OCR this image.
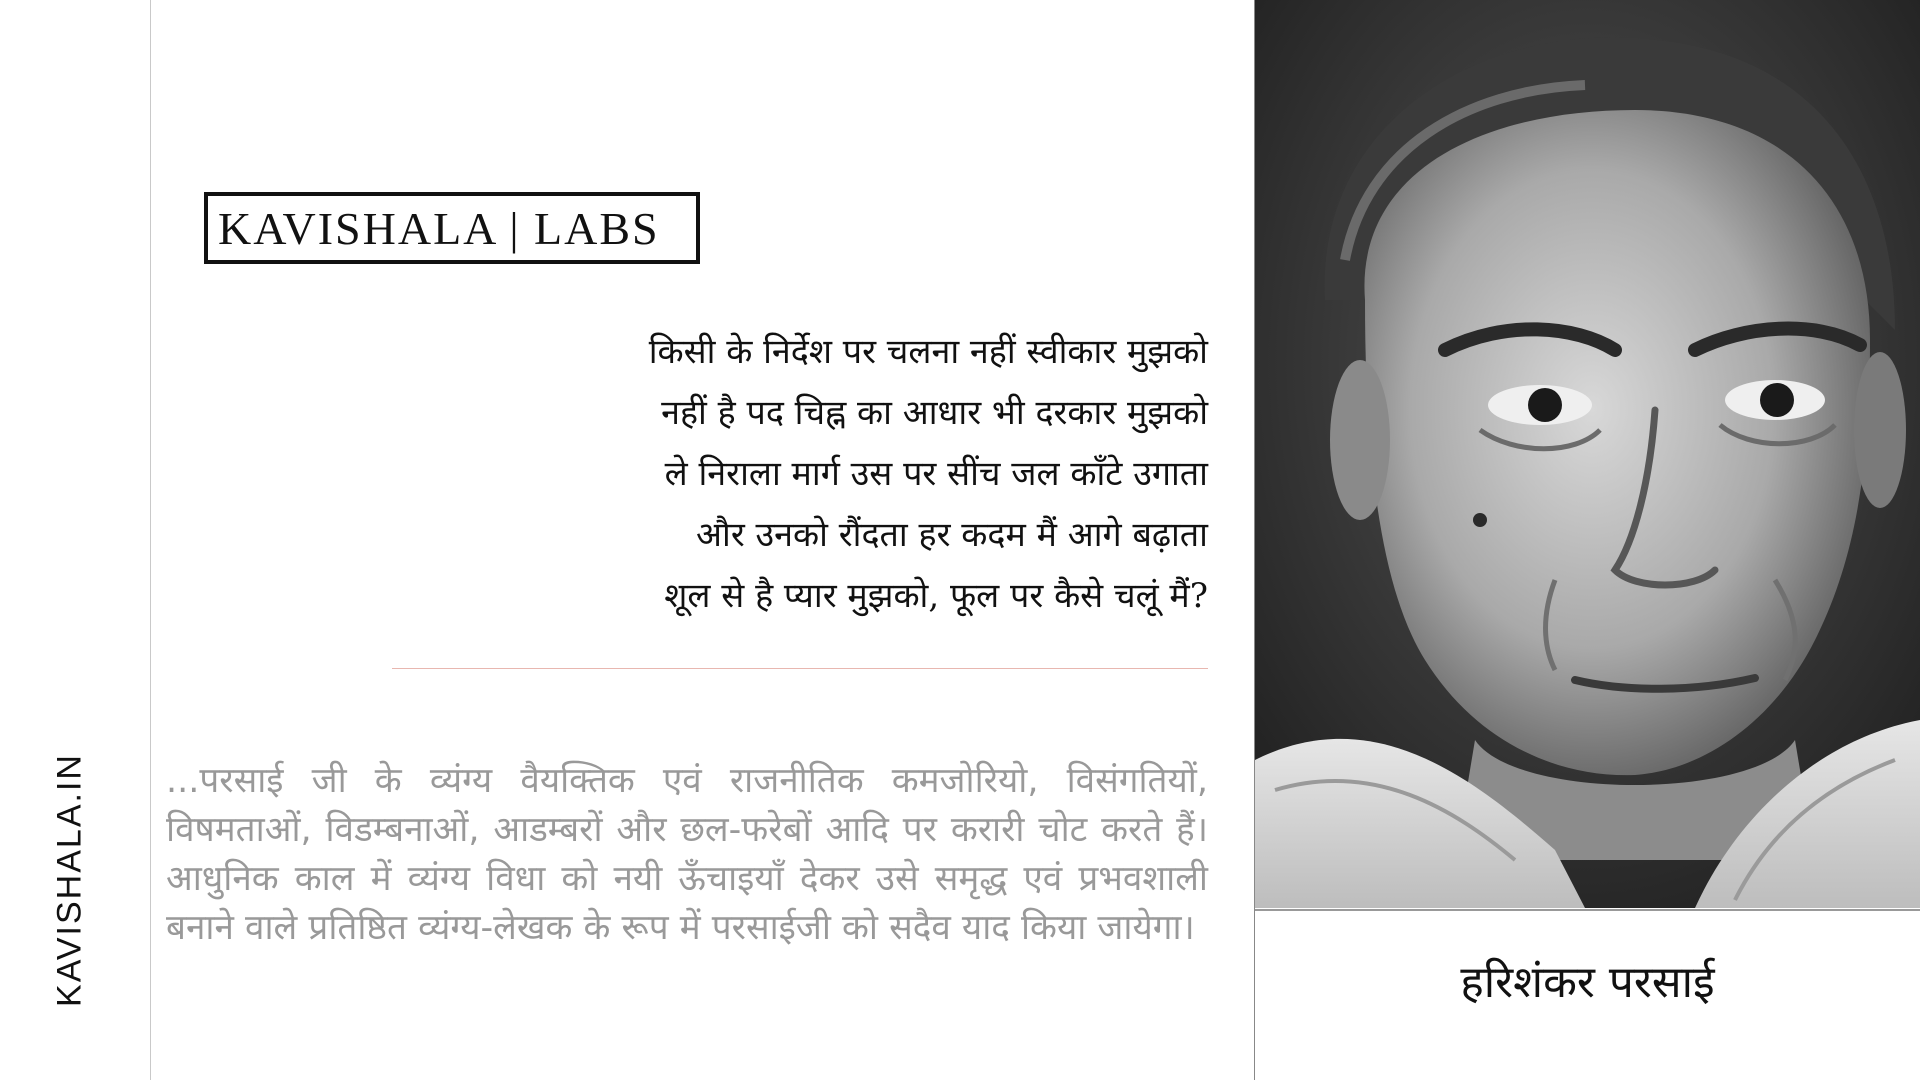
KAVISHALA.IN
KAVISHALA | LABS
किसी के निर्देश पर चलना नहीं स्वीकार मुझको
नहीं है पद चिह्न का आधार भी दरकार मुझको
ले निराला मार्ग उस पर सींच जल काँटे उगाता
और उनको रौंदता हर कदम मैं आगे बढ़ाता
शूल से है प्यार मुझको, फूल पर कैसे चलूं मैं?

...परसाई जी के व्यंग्य वैयक्तिक एवं राजनीतिक कमजोरियो, विसंगतियों, विषमताओं, विडम्बनाओं, आडम्बरों और छल-फरेबों आदि पर करारी चोट करते हैं। आधुनिक काल में व्यंग्य विधा को नयी ऊँचाइयाँ देकर उसे समृद्ध एवं प्रभवशाली बनाने वाले प्रतिष्ठित व्यंग्य-लेखक के रूप में परसाईजी को सदैव याद किया जायेगा।

हरिशंकर परसाई
